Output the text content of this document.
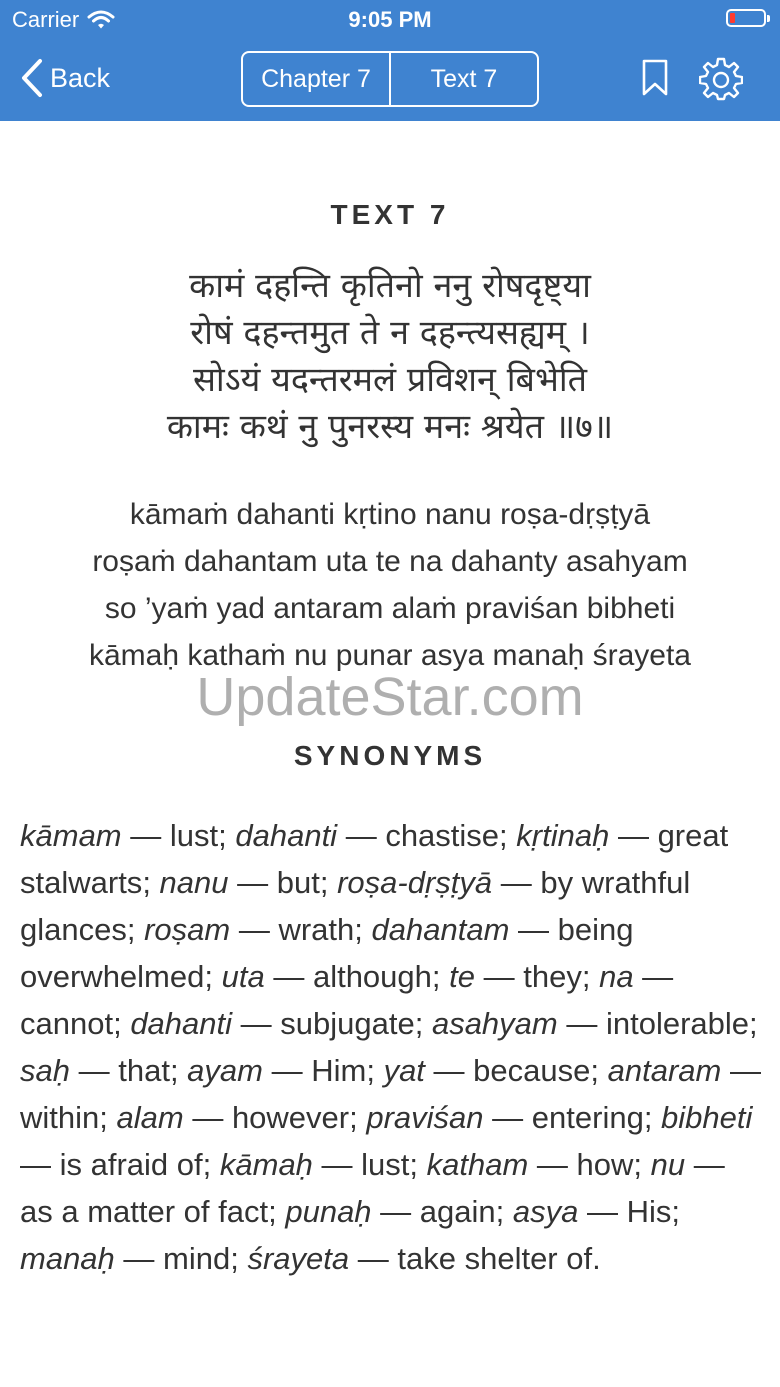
Carrier	9:05 PM
Back	Chapter 7	Text 7
TEXT 7
कामं दहन्ति कृतिनो ननु रोषदृष्ट्या
रोषं दहन्तमुत ते न दहन्त्यसह्यम् ।
सोऽयं यदन्तरमलं प्रविशन् बिभेति
कामः कथं नु पुनरस्य मनः श्रयेत ॥७॥
kāmaṁ dahanti kṛtino nanu roṣa-dṛṣṭyā
roṣaṁ dahantam uta te na dahanty asahyam
so ’yaṁ yad antaram alaṁ praviśan bibheti
kāmaḥ kathaṁ nu punar asya manaḥ śrayeta
UpdateStar.com
SYNONYMS
kāmam — lust; dahanti — chastise; kṛtinaḥ — great stalwarts; nanu — but; roṣa-dṛṣṭyā — by wrathful glances; roṣam — wrath; dahantam — being overwhelmed; uta — although; te — they; na — cannot; dahanti — subjugate; asahyam — intolerable; saḥ — that; ayam — Him; yat — because; antaram — within; alam — however; praviśan — entering; bibheti — is afraid of; kāmaḥ — lust; katham — how; nu — as a matter of fact; punaḥ — again; asya — His; manaḥ — mind; śrayeta — take shelter of.
